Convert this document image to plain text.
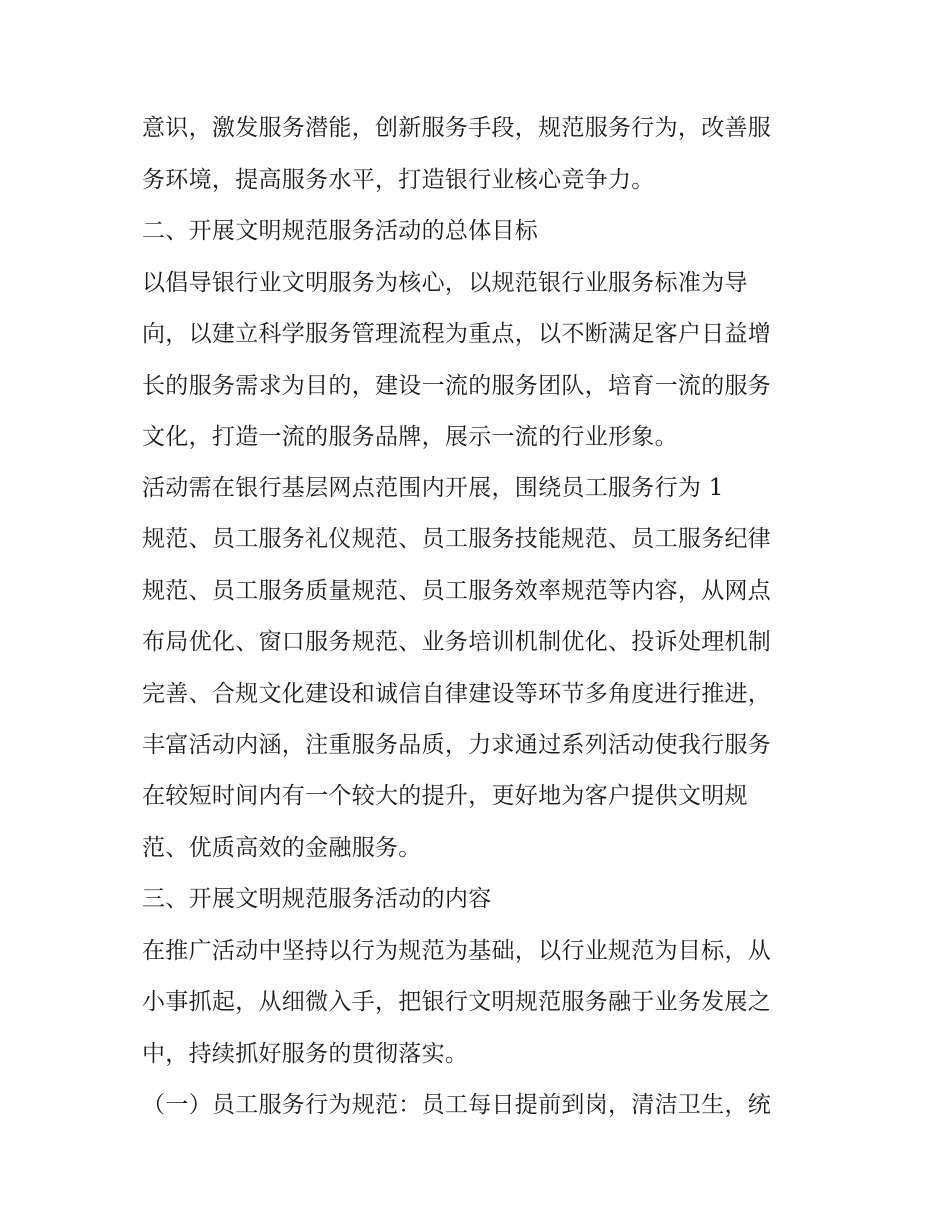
意识，激发服务潜能，创新服务手段，规范服务行为，改善服
务环境，提高服务水平，打造银行业核心竞争力。
二、开展文明规范服务活动的总体目标
以倡导银行业文明服务为核心，以规范银行业服务标准为导
向，以建立科学服务管理流程为重点，以不断满足客户日益增
长的服务需求为目的，建设一流的服务团队，培育一流的服务
文化，打造一流的服务品牌，展示一流的行业形象。
活动需在银行基层网点范围内开展，围绕员工服务行为 1
规范、员工服务礼仪规范、员工服务技能规范、员工服务纪律
规范、员工服务质量规范、员工服务效率规范等内容，从网点
布局优化、窗口服务规范、业务培训机制优化、投诉处理机制
完善、合规文化建设和诚信自律建设等环节多角度进行推进，
丰富活动内涵，注重服务品质，力求通过系列活动使我行服务
在较短时间内有一个较大的提升，更好地为客户提供文明规
范、优质高效的金融服务。
三、开展文明规范服务活动的内容
在推广活动中坚持以行为规范为基础，以行业规范为目标，从
小事抓起，从细微入手，把银行文明规范服务融于业务发展之
中，持续抓好服务的贯彻落实。
（一）员工服务行为规范：员工每日提前到岗，清洁卫生，统
